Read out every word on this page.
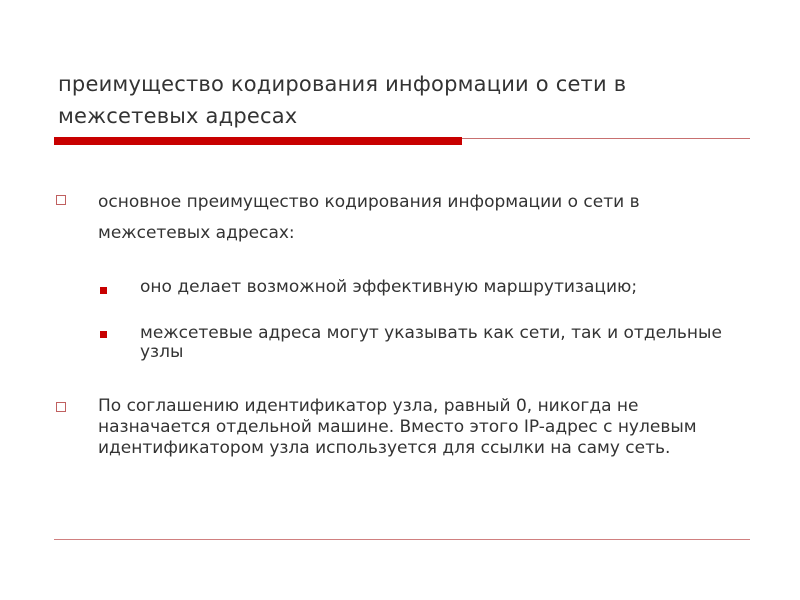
преимущество кодирования информации о сети в межсетевых адресах
основное преимущество кодирования информации о сети в межсетевых адресах:
оно делает возможной эффективную маршрутизацию;
межсетевые адреса могут указывать как сети, так и отдельные узлы
По соглашению идентификатор узла, равный 0, никогда не назначается отдельной машине. Вместо этого IP-адрес с нулевым идентификатором узла используется для ссылки на саму сеть.
